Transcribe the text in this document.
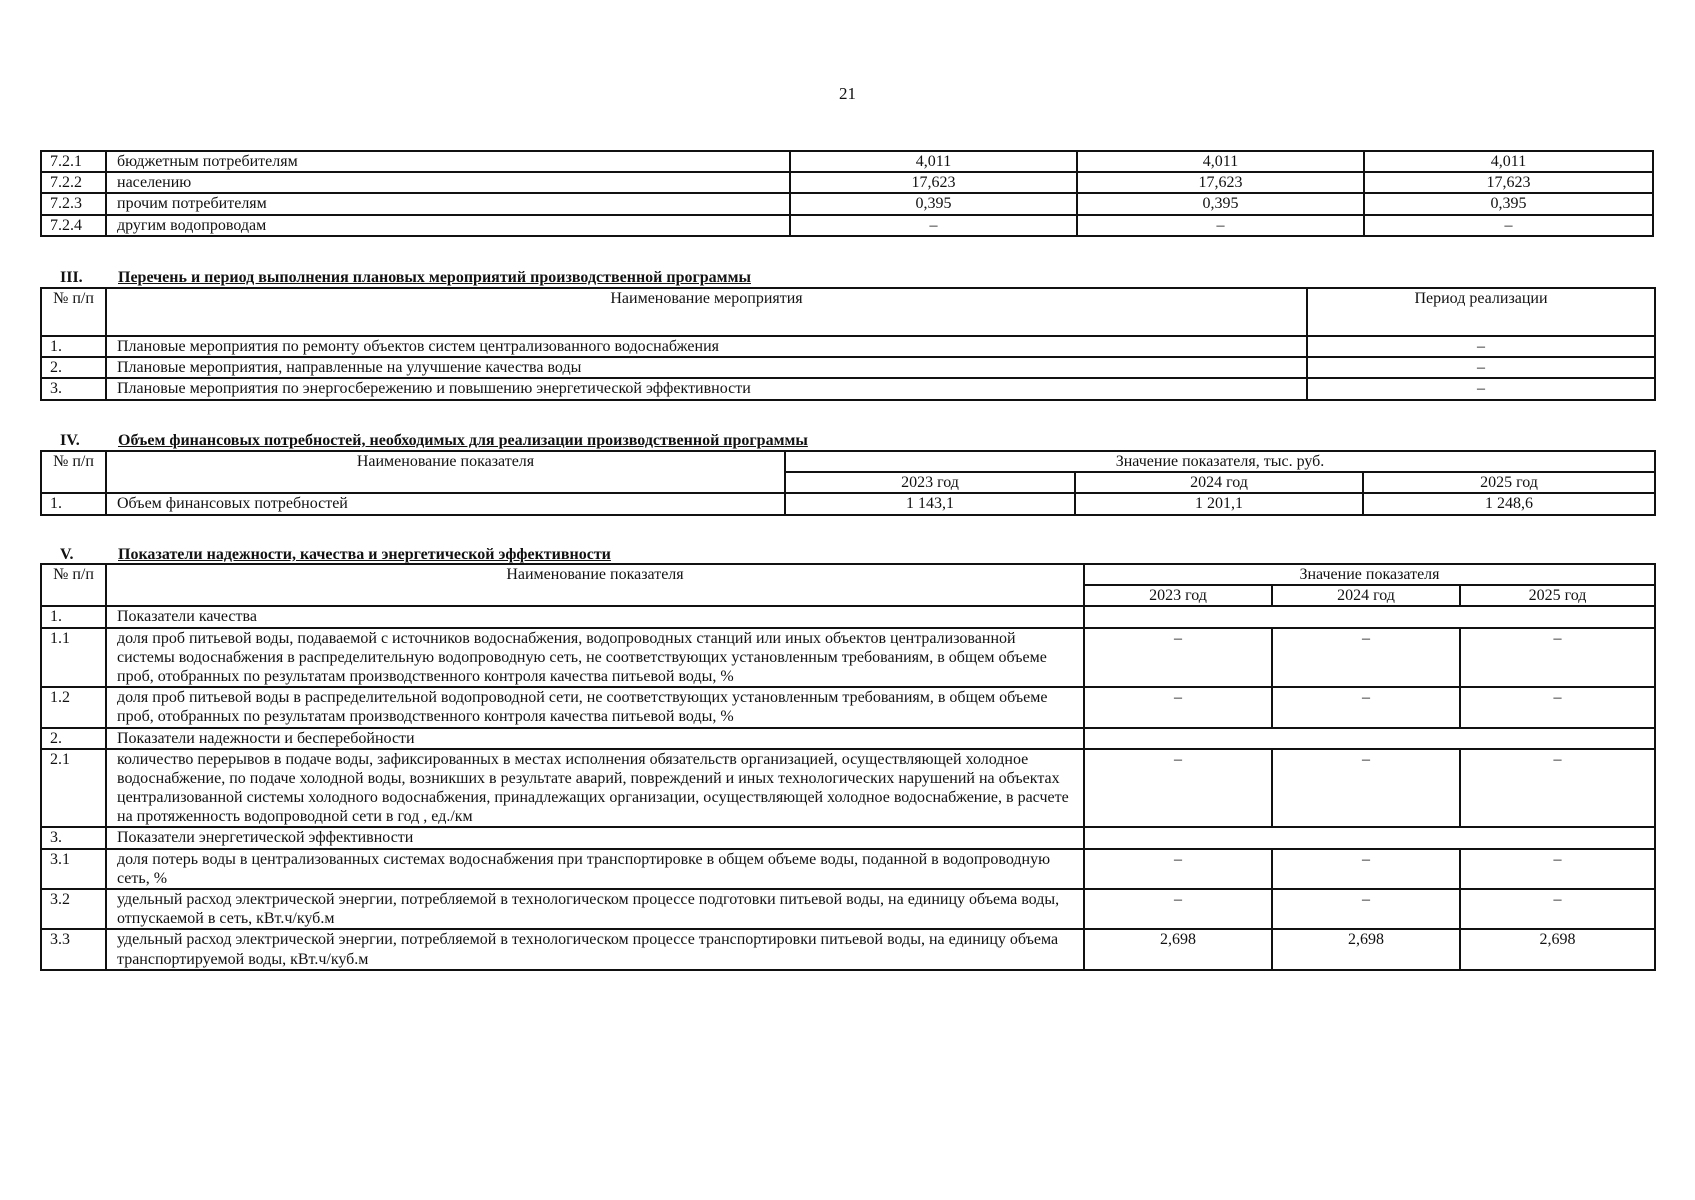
21
7.2.1	бюджетным потребителям	4,011	4,011	4,011
7.2.2	населению	17,623	17,623	17,623
7.2.3	прочим потребителям	0,395	0,395	0,395
7.2.4	другим водопроводам	–	–	–
III. Перечень и период выполнения плановых мероприятий производственной программы
№ п/п	Наименование мероприятия	Период реализации
1.	Плановые мероприятия по ремонту объектов систем централизованного водоснабжения	–
2.	Плановые мероприятия, направленные на улучшение качества воды	–
3.	Плановые мероприятия по энергосбережению и повышению энергетической эффективности	–
IV. Объем финансовых потребностей, необходимых для реализации производственной программы
№ п/п	Наименование показателя	Значение показателя, тыс. руб.		
		2023 год	2024 год	2025 год
1.	Объем финансовых потребностей	1 143,1	1 201,1	1 248,6
V.	Показатели надежности, качества и энергетической эффективности
№ п/п	Наименование показателя	Значение показателя		
		2023 год	2024 год	2025 год
1.	Показатели качества			
1.1	доля проб питьевой воды, подаваемой с источников водоснабжения, водопроводных станций или иных объектов централизованной системы водоснабжения в распределительную водопроводную сеть, не соответствующих установленным требованиям, в общем объеме проб, отобранных по результатам производственного контроля качества питьевой воды, %	–	–	–
1.2	доля проб питьевой воды в распределительной водопроводной сети, не соответствующих установленным требованиям, в общем объеме проб, отобранных по результатам производственного контроля качества питьевой воды, %	–	–	–
2.	Показатели надежности и бесперебойности			
2.1	количество перерывов в подаче воды, зафиксированных в местах исполнения обязательств организацией, осуществляющей холодное водоснабжение, по подаче холодной воды, возникших в результате аварий, повреждений и иных технологических нарушений на объектах централизованной системы холодного водоснабжения, принадлежащих организации, осуществляющей холодное водоснабжение, в расчете на протяженность водопроводной сети в год , ед./км	–	–	–
3.	Показатели энергетической эффективности			
3.1	доля потерь воды в централизованных системах водоснабжения при транспортировке в общем объеме воды, поданной в водопроводную сеть, %	–	–	–
3.2	удельный расход электрической энергии, потребляемой в технологическом процессе подготовки питьевой воды, на единицу объема воды, отпускаемой в сеть, кВт.ч/куб.м	–	–	–
3.3	удельный расход электрической энергии, потребляемой в технологическом процессе транспортировки питьевой воды, на единицу объема транспортируемой воды, кВт.ч/куб.м	2,698	2,698	2,698
